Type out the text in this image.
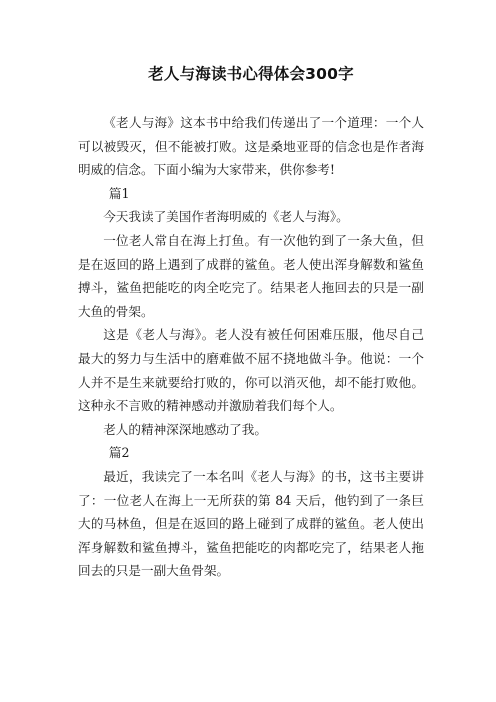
老人与海读书心得体会300字

《老人与海》这本书中给我们传递出了一个道理：一个人可以被毁灭，但不能被打败。这是桑地亚哥的信念也是作者海明威的信念。下面小编为大家带来，供你参考!

篇1

今天我读了美国作者海明威的《老人与海》。

一位老人常自在海上打鱼。有一次他钓到了一条大鱼，但是在返回的路上遇到了成群的鲨鱼。老人使出浑身解数和鲨鱼搏斗，鲨鱼把能吃的肉全吃完了。结果老人拖回去的只是一副大鱼的骨架。

这是《老人与海》。老人没有被任何困难压服，他尽自己最大的努力与生活中的磨难做不屈不挠地做斗争。他说：一个人并不是生来就要给打败的，你可以消灭他，却不能打败他。这种永不言败的精神感动并激励着我们每个人。

老人的精神深深地感动了我。

篇2

最近，我读完了一本名叫《老人与海》的书，这书主要讲了：一位老人在海上一无所获的第 84 天后，他钓到了一条巨大的马林鱼，但是在返回的路上碰到了成群的鲨鱼。老人使出浑身解数和鲨鱼搏斗，鲨鱼把能吃的肉都吃完了，结果老人拖回去的只是一副大鱼骨架。
